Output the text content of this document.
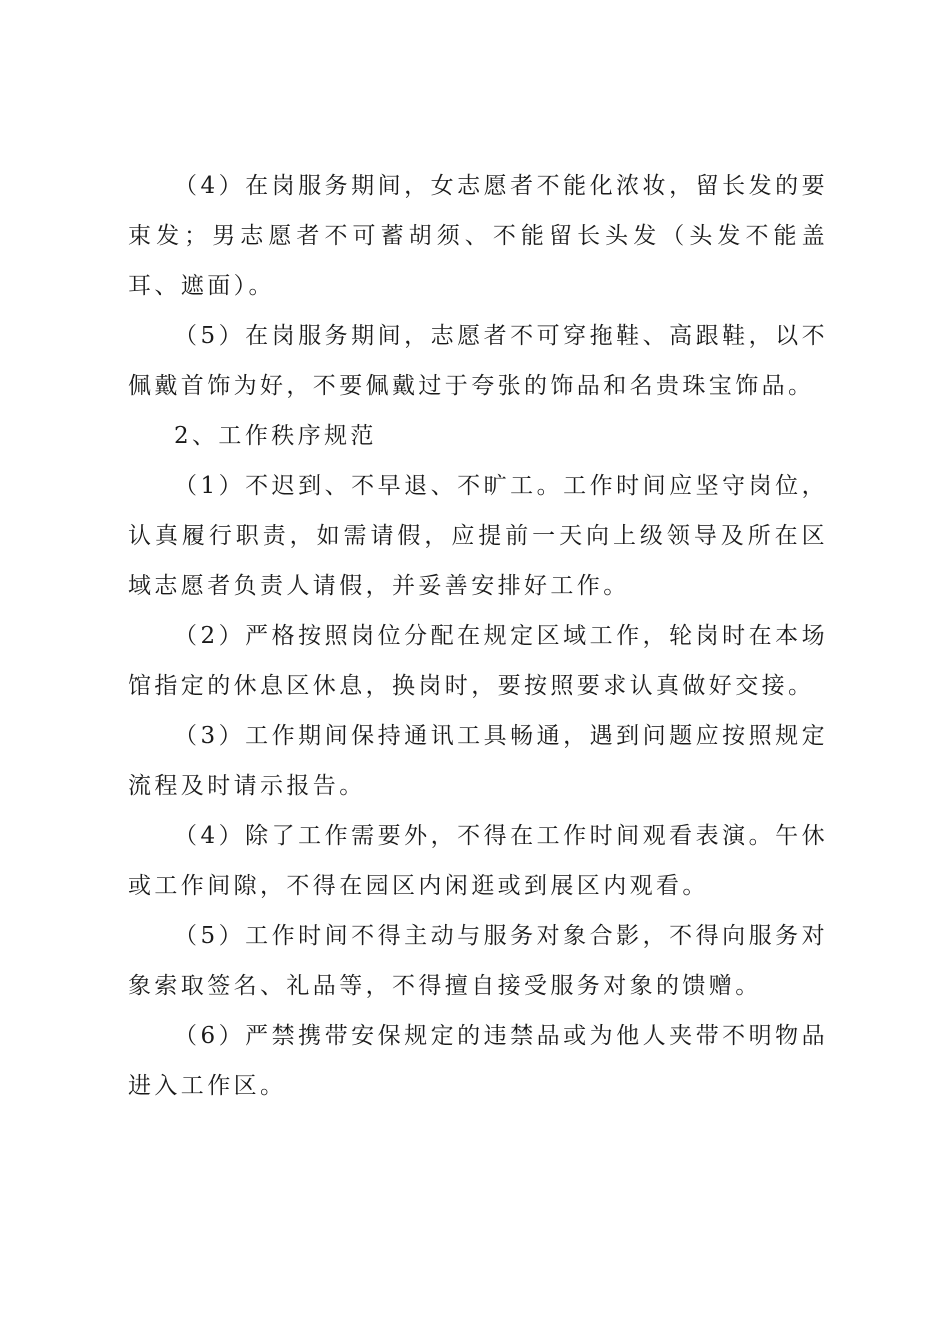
（4）在岗服务期间，女志愿者不能化浓妆，留长发的要束发；男志愿者不可蓄胡须、不能留长头发（头发不能盖耳、遮面）。

（5）在岗服务期间，志愿者不可穿拖鞋、高跟鞋，以不佩戴首饰为好，不要佩戴过于夸张的饰品和名贵珠宝饰品。

2、工作秩序规范

（1）不迟到、不早退、不旷工。工作时间应坚守岗位，认真履行职责，如需请假，应提前一天向上级领导及所在区域志愿者负责人请假，并妥善安排好工作。

（2）严格按照岗位分配在规定区域工作，轮岗时在本场馆指定的休息区休息，换岗时，要按照要求认真做好交接。

（3）工作期间保持通讯工具畅通，遇到问题应按照规定流程及时请示报告。

（4）除了工作需要外，不得在工作时间观看表演。午休或工作间隙，不得在园区内闲逛或到展区内观看。

（5）工作时间不得主动与服务对象合影，不得向服务对象索取签名、礼品等，不得擅自接受服务对象的馈赠。

（6）严禁携带安保规定的违禁品或为他人夹带不明物品进入工作区。
